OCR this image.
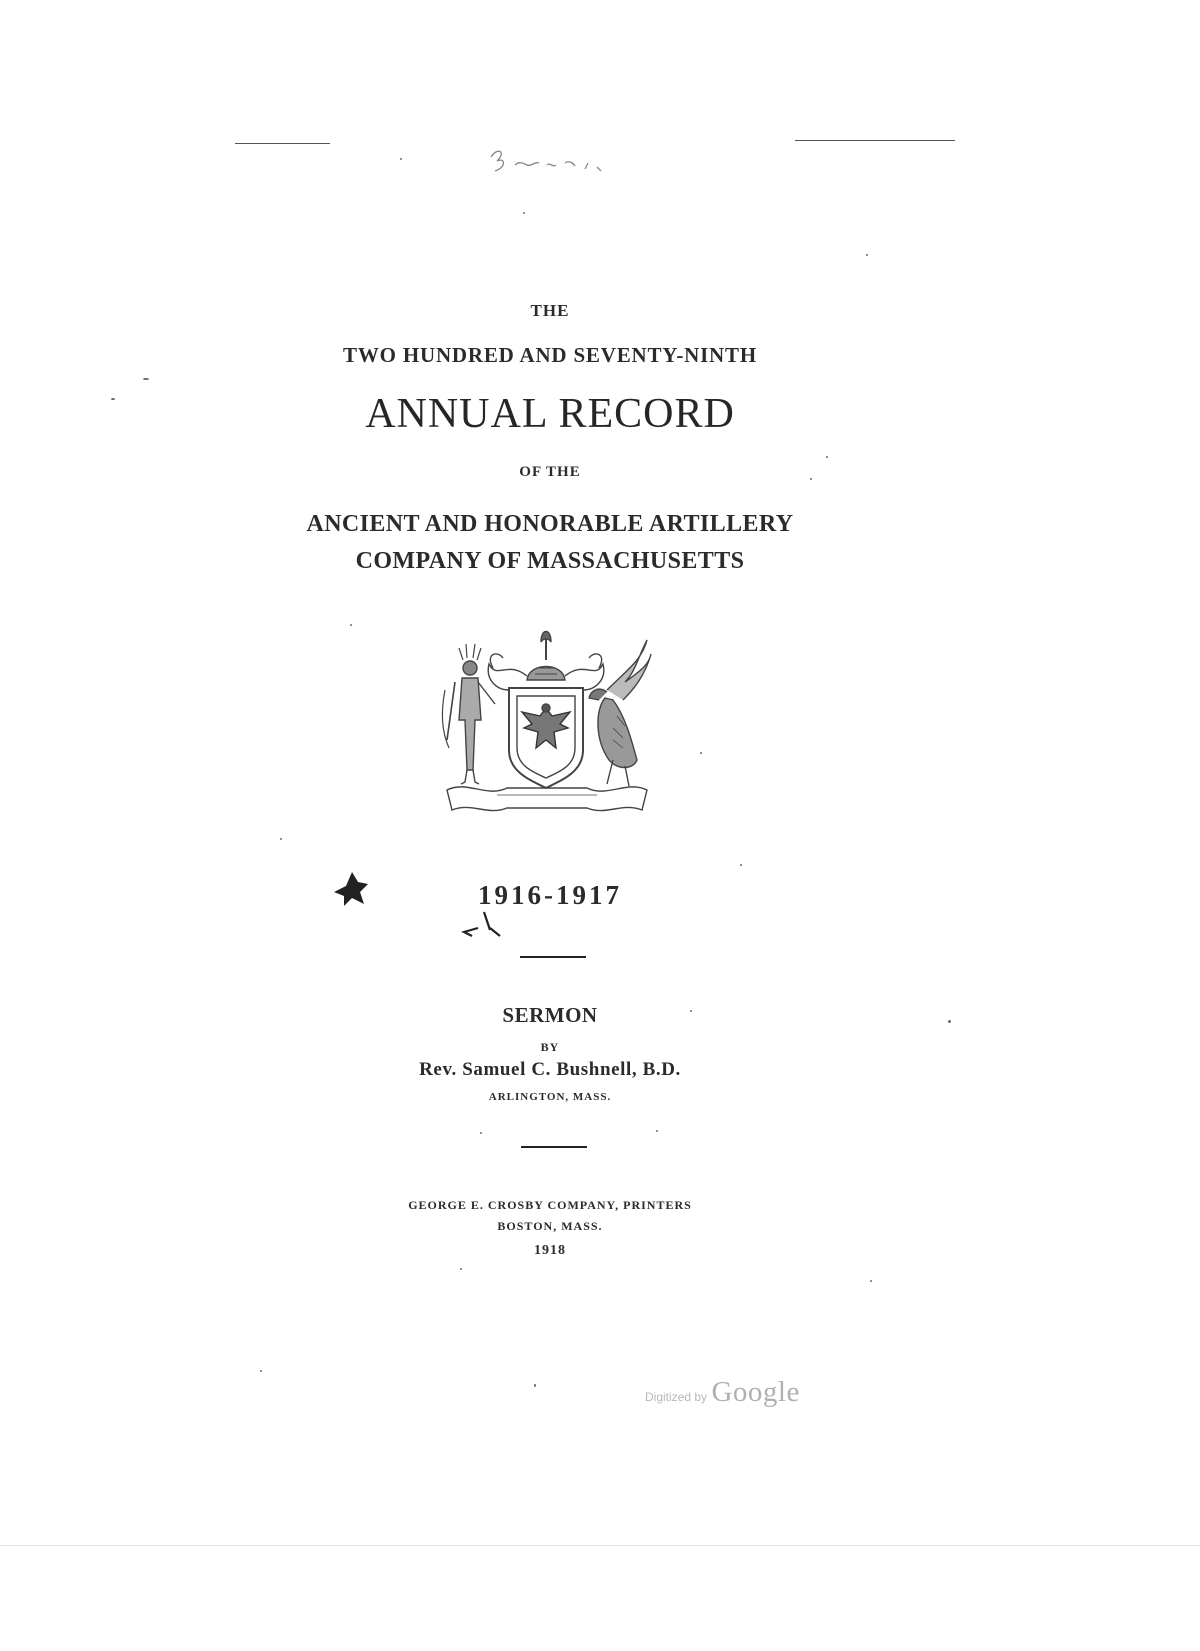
THE
TWO HUNDRED AND SEVENTY-NINTH
ANNUAL RECORD
OF THE
ANCIENT AND HONORABLE ARTILLERY
COMPANY OF MASSACHUSETTS
1916-1917
SERMON
BY
Rev. Samuel C. Bushnell, B.D.
ARLINGTON, MASS.
GEORGE E. CROSBY COMPANY, PRINTERS
BOSTON, MASS.
1918
Digitized by Google
